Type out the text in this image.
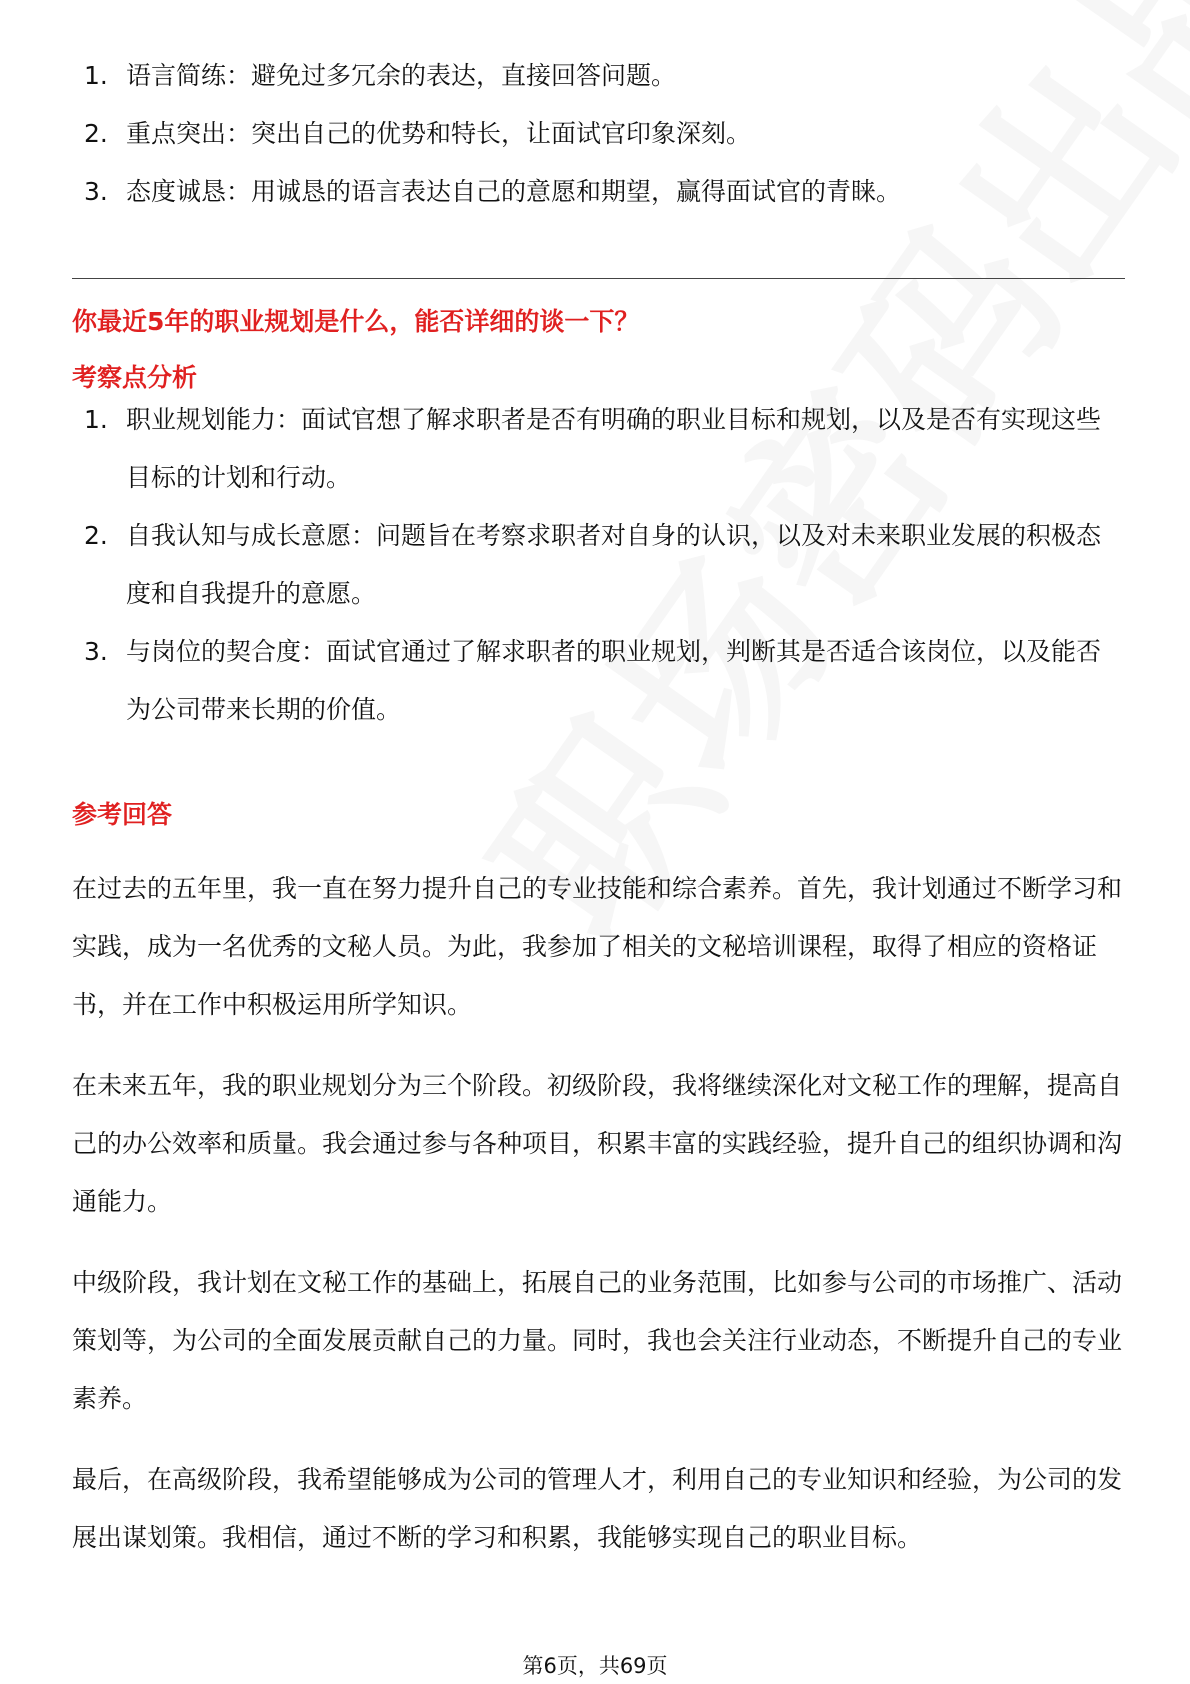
1. 语言简练：避免过多冗余的表达，直接回答问题。
2. 重点突出：突出自己的优势和特长，让面试官印象深刻。
3. 态度诚恳：用诚恳的语言表达自己的意愿和期望，赢得面试官的青睐。
你最近5年的职业规划是什么，能否详细的谈一下？
考察点分析
1. 职业规划能力：面试官想了解求职者是否有明确的职业目标和规划，以及是否有实现这些目标的计划和行动。
2. 自我认知与成长意愿：问题旨在考察求职者对自身的认识，以及对未来职业发展的积极态度和自我提升的意愿。
3. 与岗位的契合度：面试官通过了解求职者的职业规划，判断其是否适合该岗位，以及能否为公司带来长期的价值。
参考回答

在过去的五年里，我一直在努力提升自己的专业技能和综合素养。首先，我计划通过不断学习和实践，成为一名优秀的文秘人员。为此，我参加了相关的文秘培训课程，取得了相应的资格证书，并在工作中积极运用所学知识。

在未来五年，我的职业规划分为三个阶段。初级阶段，我将继续深化对文秘工作的理解，提高自己的办公效率和质量。我会通过参与各种项目，积累丰富的实践经验，提升自己的组织协调和沟通能力。

中级阶段，我计划在文秘工作的基础上，拓展自己的业务范围，比如参与公司的市场推广、活动策划等，为公司的全面发展贡献自己的力量。同时，我也会关注行业动态，不断提升自己的专业素养。

最后，在高级阶段，我希望能够成为公司的管理人才，利用自己的专业知识和经验，为公司的发展出谋划策。我相信，通过不断的学习和积累，我能够实现自己的职业目标。

第6页，共69页
